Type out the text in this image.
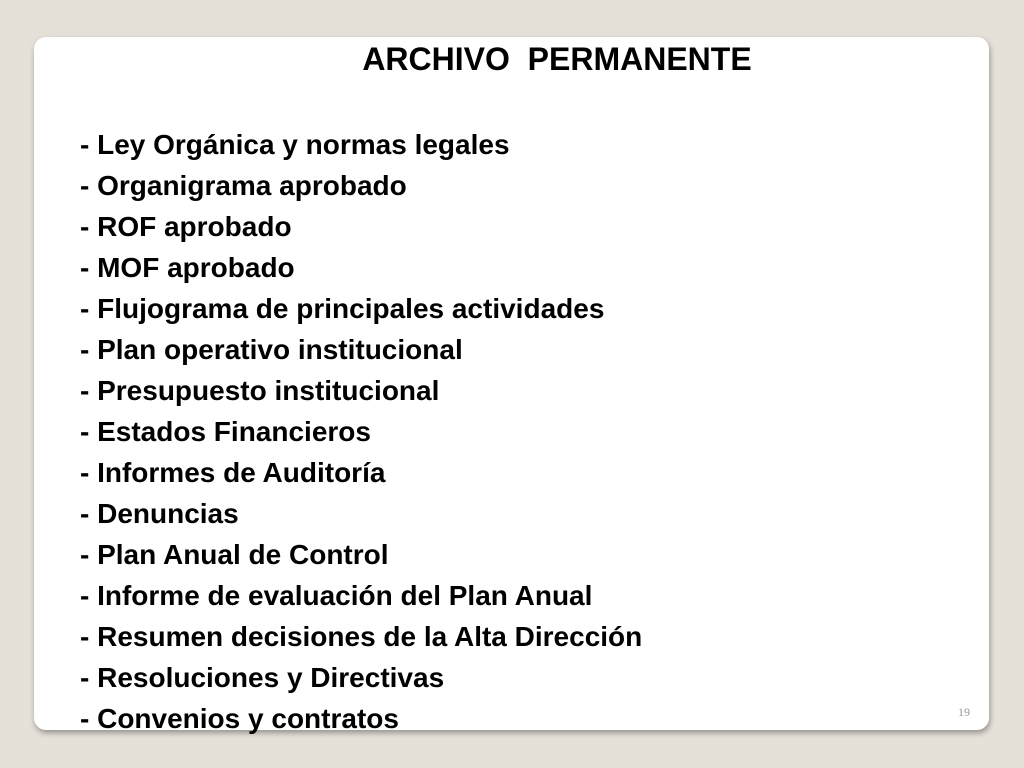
ARCHIVO  PERMANENTE
- Ley Orgánica y normas legales
- Organigrama aprobado
- ROF aprobado
- MOF aprobado
- Flujograma de principales actividades
- Plan operativo institucional
- Presupuesto institucional
- Estados Financieros
- Informes de Auditoría
- Denuncias
- Plan Anual de Control
- Informe de evaluación del Plan Anual
- Resumen decisiones de la Alta Dirección
- Resoluciones y Directivas
- Convenios y contratos	19
